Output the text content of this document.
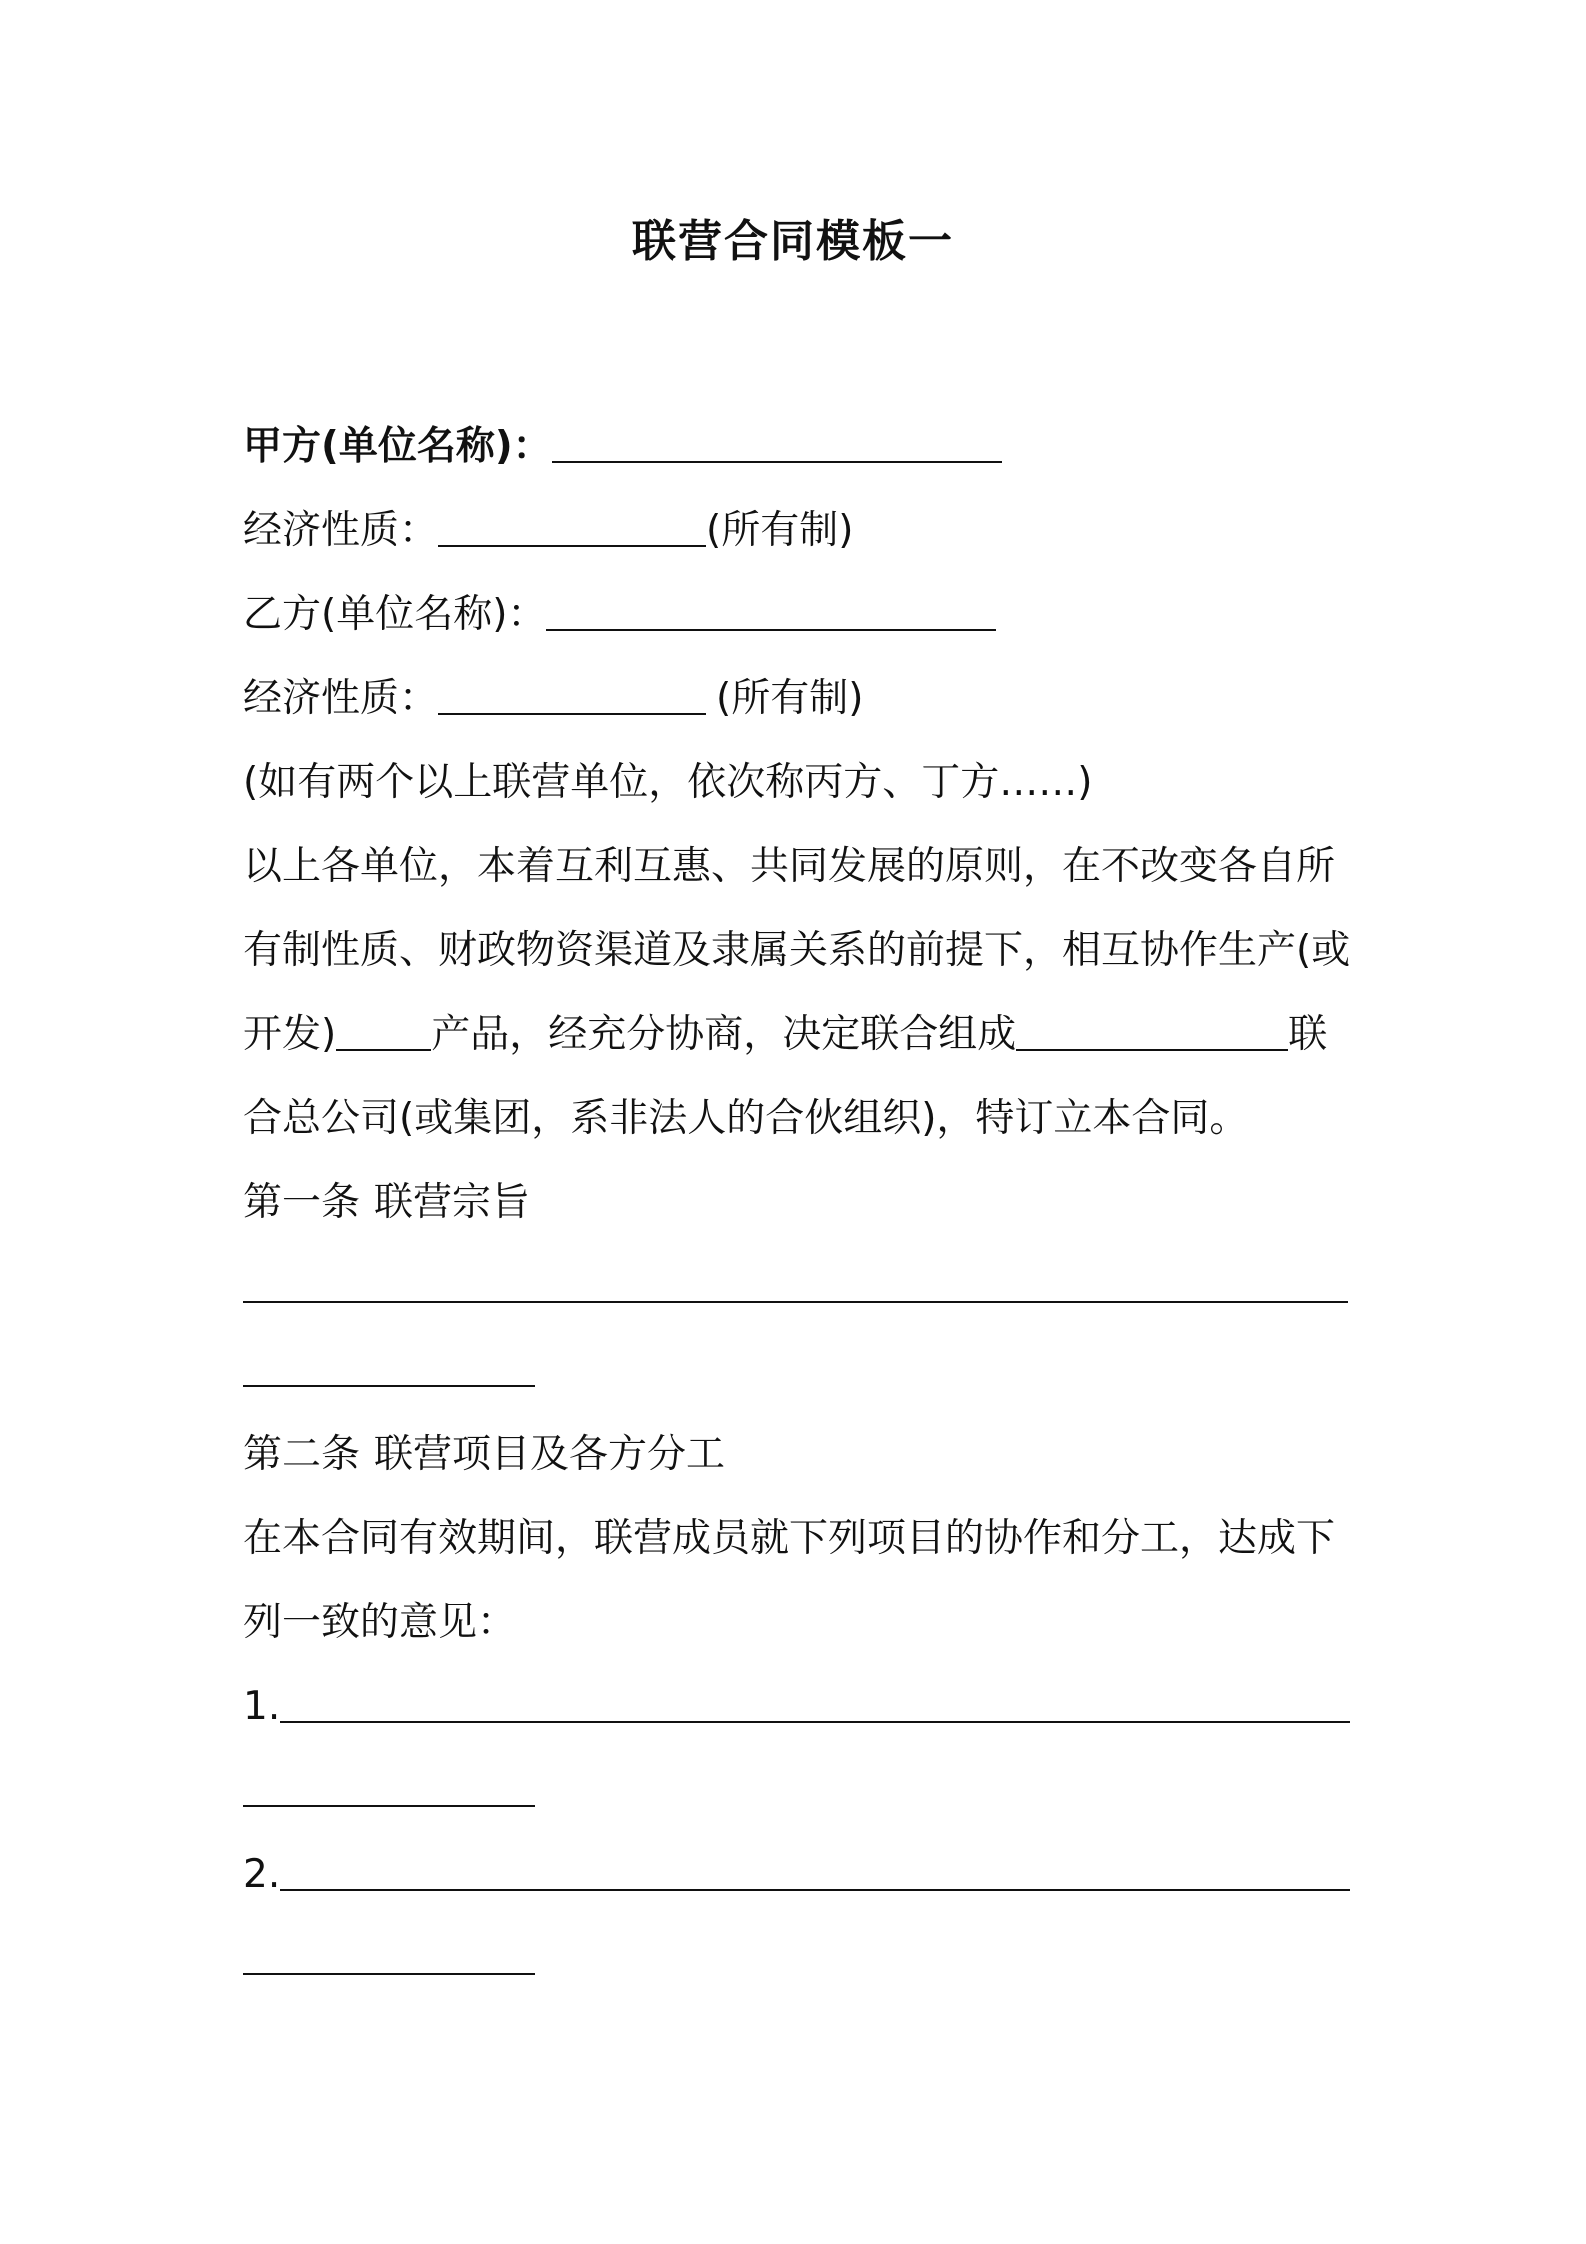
联营合同模板一
甲方(单位名称)：
经济性质：	(所有制)
乙方(单位名称)：
经济性质：	(所有制)
(如有两个以上联营单位，依次称丙方、丁方……)
以上各单位，本着互利互惠、共同发展的原则，在不改变各自所
有制性质、财政物资渠道及隶属关系的前提下，相互协作生产(或
开发) 产品，经充分协商，决定联合组成	联
合总公司(或集团，系非法人的合伙组织)，特订立本合同。
第一条 联营宗旨
第二条 联营项目及各方分工
在本合同有效期间，联营成员就下列项目的协作和分工，达成下
列一致的意见：
1.
2.
